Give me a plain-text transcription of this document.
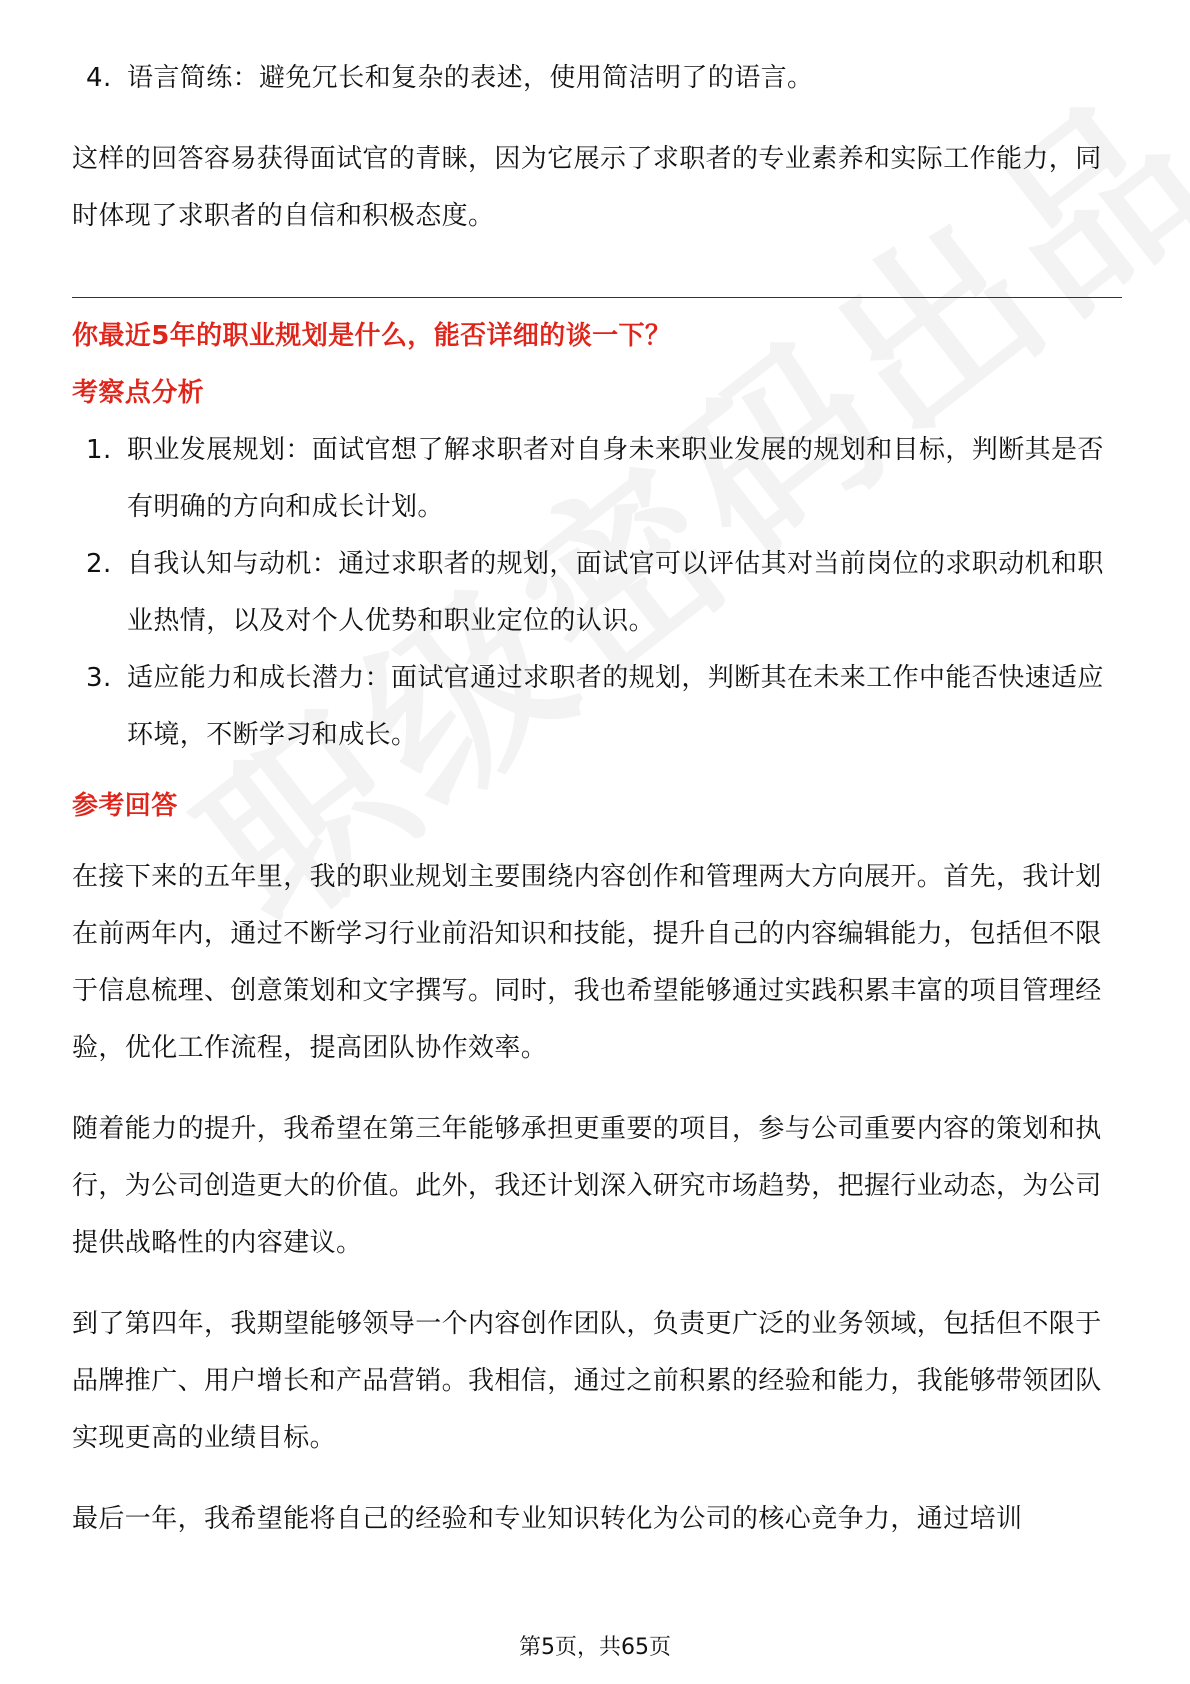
4. 语言简练：避免冗长和复杂的表述，使用简洁明了的语言。

这样的回答容易获得面试官的青睐，因为它展示了求职者的专业素养和实际工作能力，同时体现了求职者的自信和积极态度。

你最近5年的职业规划是什么，能否详细的谈一下？

考察点分析

1. 职业发展规划：面试官想了解求职者对自身未来职业发展的规划和目标，判断其是否有明确的方向和成长计划。
2. 自我认知与动机：通过求职者的规划，面试官可以评估其对当前岗位的求职动机和职业热情，以及对个人优势和职业定位的认识。
3. 适应能力和成长潜力：面试官通过求职者的规划，判断其在未来工作中能否快速适应环境，不断学习和成长。

参考回答

在接下来的五年里，我的职业规划主要围绕内容创作和管理两大方向展开。首先，我计划在前两年内，通过不断学习行业前沿知识和技能，提升自己的内容编辑能力，包括但不限于信息梳理、创意策划和文字撰写。同时，我也希望能够通过实践积累丰富的项目管理经验，优化工作流程，提高团队协作效率。

随着能力的提升，我希望在第三年能够承担更重要的项目，参与公司重要内容的策划和执行，为公司创造更大的价值。此外，我还计划深入研究市场趋势，把握行业动态，为公司提供战略性的内容建议。

到了第四年，我期望能够领导一个内容创作团队，负责更广泛的业务领域，包括但不限于品牌推广、用户增长和产品营销。我相信，通过之前积累的经验和能力，我能够带领团队实现更高的业绩目标。

最后一年，我希望能将自己的经验和专业知识转化为公司的核心竞争力，通过培训

第5页，共65页
